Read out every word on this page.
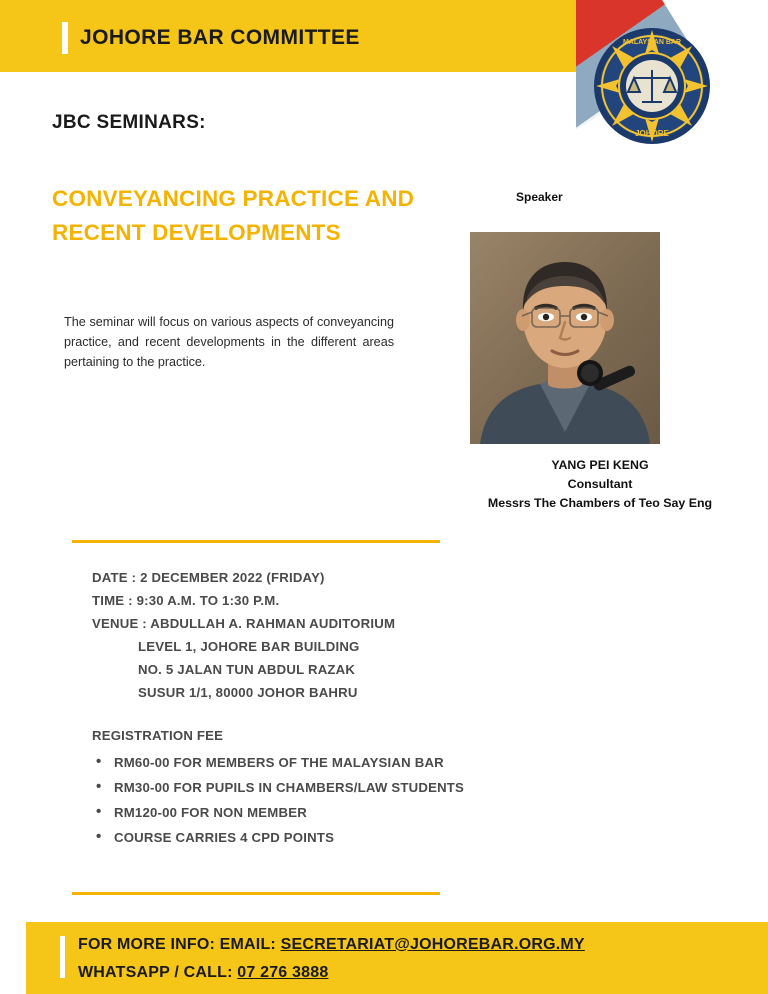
JOHORE BAR COMMITTEE	MALAYSIAN BAR
JOHORE
JBC SEMINARS:
CONVEYANCING PRACTICE AND RECENT DEVELOPMENTS
The seminar will focus on various aspects of conveyancing practice, and recent developments in the different areas pertaining to the practice.
Speaker
YANG PEI KENG
Consultant
Messrs The Chambers of Teo Say Eng
DATE : 2 DECEMBER 2022 (FRIDAY)
TIME : 9:30 A.M. TO 1:30 P.M.
VENUE : ABDULLAH A. RAHMAN AUDITORIUM
LEVEL 1, JOHORE BAR BUILDING
NO. 5 JALAN TUN ABDUL RAZAK
SUSUR 1/1, 80000 JOHOR BAHRU
REGISTRATION FEE
• RM60-00 FOR MEMBERS OF THE MALAYSIAN BAR
• RM30-00 FOR PUPILS IN CHAMBERS/LAW STUDENTS
• RM120-00 FOR NON MEMBER
• COURSE CARRIES 4 CPD POINTS
FOR MORE INFO: EMAIL: SECRETARIAT@JOHOREBAR.ORG.MY
WHATSAPP / CALL: 07 276 3888
